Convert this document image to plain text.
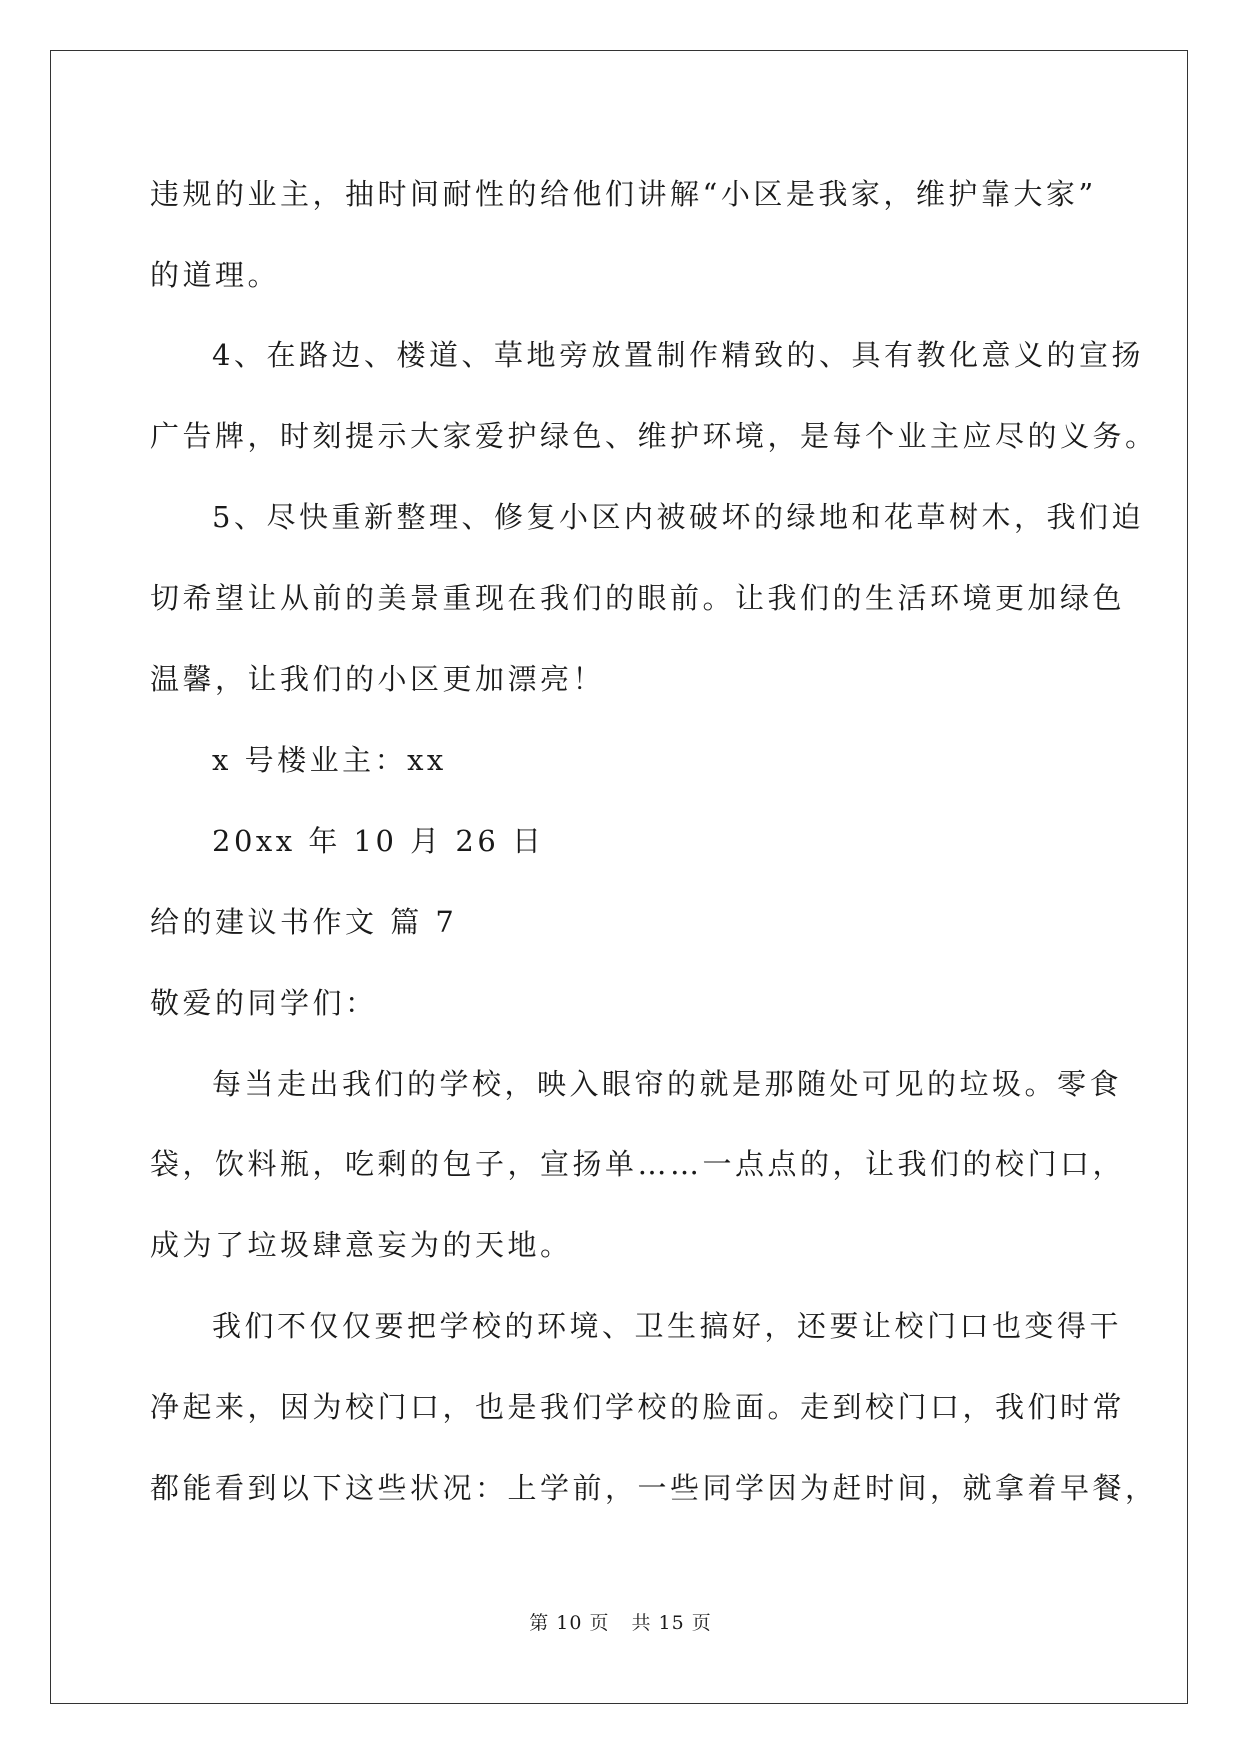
违规的业主，抽时间耐性的给他们讲解“小区是我家，维护靠大家”
的道理。
4、在路边、楼道、草地旁放置制作精致的、具有教化意义的宣扬
广告牌，时刻提示大家爱护绿色、维护环境，是每个业主应尽的义务。
5、尽快重新整理、修复小区内被破坏的绿地和花草树木，我们迫
切希望让从前的美景重现在我们的眼前。让我们的生活环境更加绿色
温馨，让我们的小区更加漂亮！
x 号楼业主：xx
20xx 年 10 月 26 日
给的建议书作文 篇 7
敬爱的同学们：
每当走出我们的学校，映入眼帘的就是那随处可见的垃圾。零食
袋，饮料瓶，吃剩的包子，宣扬单……一点点的，让我们的校门口，
成为了垃圾肆意妄为的天地。
我们不仅仅要把学校的环境、卫生搞好，还要让校门口也变得干
净起来，因为校门口，也是我们学校的脸面。走到校门口，我们时常
都能看到以下这些状况：上学前，一些同学因为赶时间，就拿着早餐，
第 10 页 共 15 页
